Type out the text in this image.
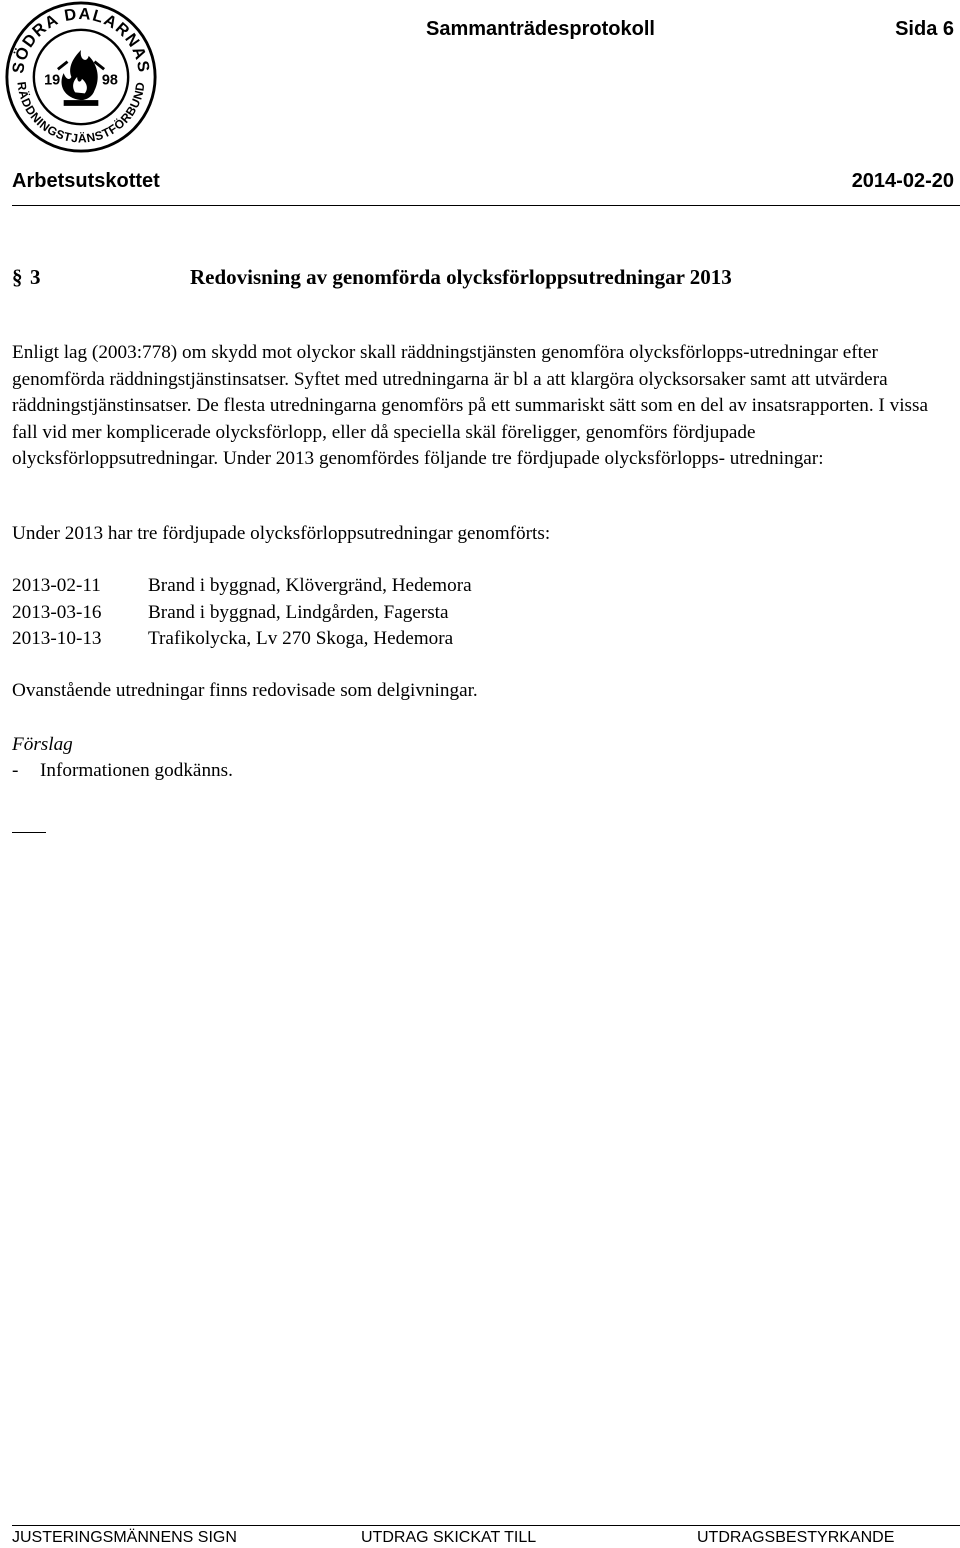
SÖDRA DALARNAS
RÄDDNINGSTJÄNSTFÖRBUND
19	98
Sammanträdesprotokoll	Sida 6
Arbetsutskottet	2014-02-20
§ 3	Redovisning av genomförda olycksförloppsutredningar 2013
Enligt lag (2003:778) om skydd mot olyckor skall räddningstjänsten genomföra olycksförlopps-utredningar efter genomförda räddningstjänstinsatser. Syftet med utredningarna är bl a att klargöra olycksorsaker samt att utvärdera räddningstjänstinsatser. De flesta utredningarna genomförs på ett summariskt sätt som en del av insatsrapporten. I vissa fall vid mer komplicerade olycksförlopp, eller då speciella skäl föreligger, genomförs fördjupade olycksförloppsutredningar. Under 2013 genomfördes följande tre fördjupade olycksförlopps- utredningar:
Under 2013 har tre fördjupade olycksförloppsutredningar genomförts:
2013-02-11	Brand i byggnad, Klövergränd, Hedemora
2013-03-16	Brand i byggnad, Lindgården, Fagersta
2013-10-13	Trafikolycka, Lv 270 Skoga, Hedemora
Ovanstående utredningar finns redovisade som delgivningar.
Förslag
-	Informationen godkänns.
JUSTERINGSMÄNNENS SIGN	UTDRAG SKICKAT TILL	UTDRAGSBESTYRKANDE
